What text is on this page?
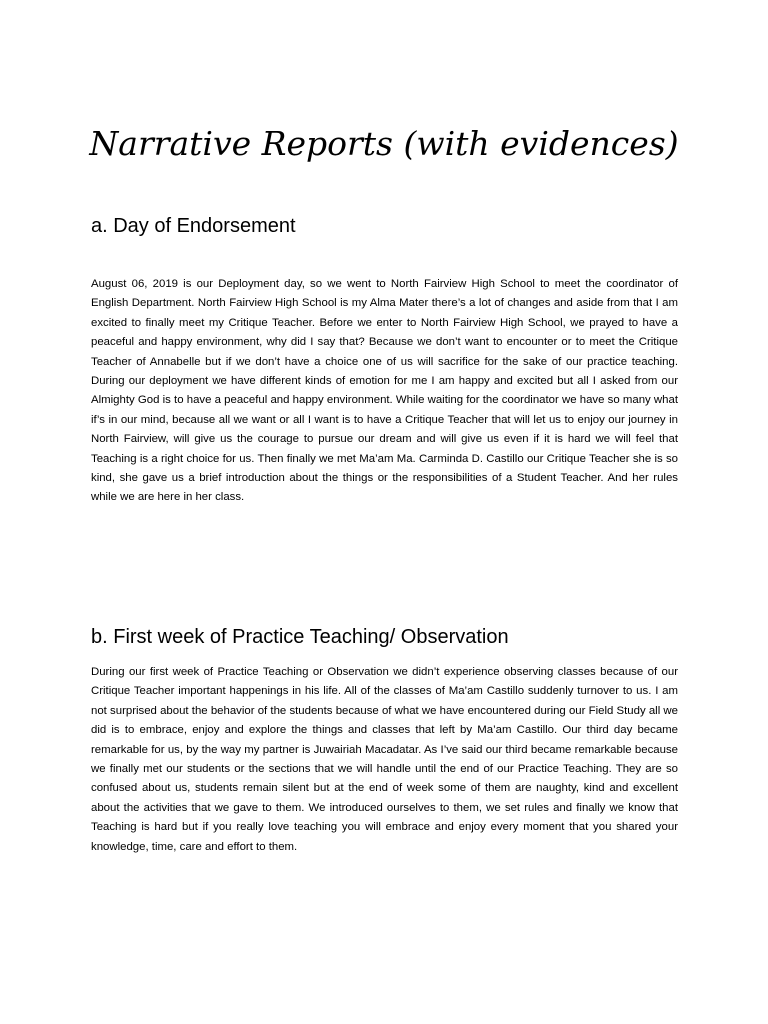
Narrative Reports (with evidences)
a. Day of Endorsement

August 06, 2019 is our Deployment day, so we went to North Fairview High School to meet the coordinator of English Department. North Fairview High School is my Alma Mater there’s a lot of changes and aside from that I am excited to finally meet my Critique Teacher. Before we enter to North Fairview High School, we prayed to have a peaceful and happy environment, why did I say that? Because we don’t want to encounter or to meet the Critique Teacher of Annabelle but if we don’t have a choice one of us will sacrifice for the sake of our practice teaching. During our deployment we have different kinds of emotion for me I am happy and excited but all I asked from our Almighty God is to have a peaceful and happy environment. While waiting for the coordinator we have so many what if’s in our mind, because all we want or all I want is to have a Critique Teacher that will let us to enjoy our journey in North Fairview, will give us the courage to pursue our dream and will give us even if it is hard we will feel that Teaching is a right choice for us. Then finally we met Ma’am Ma. Carminda D. Castillo our Critique Teacher she is so kind, she gave us a brief introduction about the things or the responsibilities of a Student Teacher. And her rules while we are here in her class.

b. First week of Practice Teaching/ Observation

During our first week of Practice Teaching or Observation we didn’t experience observing classes because of our Critique Teacher important happenings in his life. All of the classes of Ma’am Castillo suddenly turnover to us. I am not surprised about the behavior of the students because of what we have encountered during our Field Study all we did is to embrace, enjoy and explore the things and classes that left by Ma’am Castillo. Our third day became remarkable for us, by the way my partner is Juwairiah Macadatar. As I’ve said our third became remarkable because we finally met our students or the sections that we will handle until the end of our Practice Teaching. They are so confused about us, students remain silent but at the end of week some of them are naughty, kind and excellent about the activities that we gave to them. We introduced ourselves to them, we set rules and finally we know that Teaching is hard but if you really love teaching you will embrace and enjoy every moment that you shared your knowledge, time, care and effort to them.
